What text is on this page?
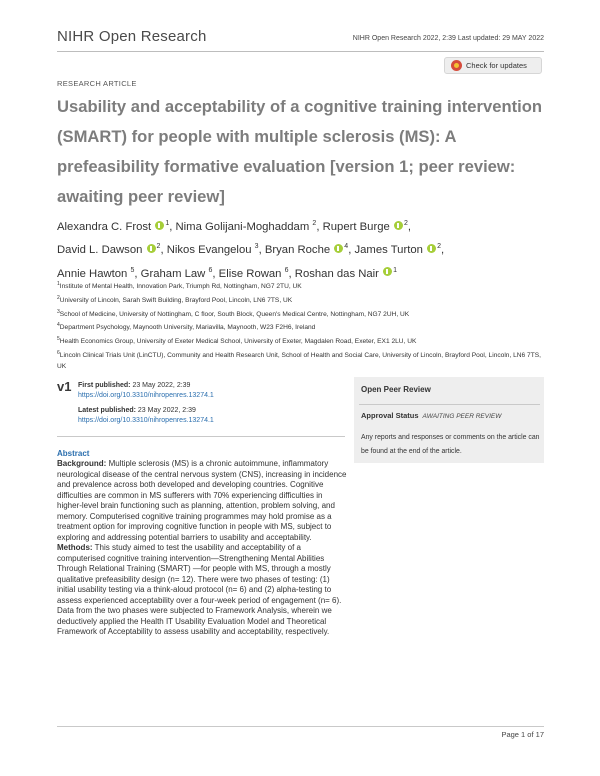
NIHR Open Research	NIHR Open Research 2022, 2:39 Last updated: 29 MAY 2022
Check for updates
RESEARCH ARTICLE
Usability and acceptability of a cognitive training intervention (SMART) for people with multiple sclerosis (MS): A prefeasibility formative evaluation [version 1; peer review: awaiting peer review]
Alexandra C. Frost $^1$, Nima Golijani-Moghaddam $^2$, Rupert Burge $^2$,
David L. Dawson $^2$, Nikos Evangelou $^3$, Bryan Roche $^4$, James Turton $^2$,
Annie Hawton $^5$, Graham Law $^6$, Elise Rowan $^6$, Roshan das Nair $^1$
$^1$Institute of Mental Health, Innovation Park, Triumph Rd, Nottingham, NG7 2TU, UK
$^2$University of Lincoln, Sarah Swift Building, Brayford Pool, Lincoln, LN6 7TS, UK
$^3$School of Medicine, University of Nottingham, C floor, South Block, Queen's Medical Centre, Nottingham, NG7 2UH, UK
$^4$Department Psychology, Maynooth University, Mariavilla, Maynooth, W23 F2H6, Ireland
$^5$Health Economics Group, University of Exeter Medical School, University of Exeter, Magdalen Road, Exeter, EX1 2LU, UK
$^6$Lincoln Clinical Trials Unit (LinCTU), Community and Health Research Unit, School of Health and Social Care, University of Lincoln, Brayford Pool, Lincoln, LN6 7TS, UK
v1 First published: 23 May 2022, 2:39
https://doi.org/10.3310/nihropenres.13274.1
Latest published: 23 May 2022, 2:39
https://doi.org/10.3310/nihropenres.13274.1
Open Peer Review
Approval Status AWAITING PEER REVIEW
Any reports and responses or comments on the article can be found at the end of the article.
Abstract
Background: Multiple sclerosis (MS) is a chronic autoimmune, inflammatory neurological disease of the central nervous system (CNS), increasing in incidence and prevalence across both developed and developing countries. Cognitive difficulties are common in MS sufferers with 70% experiencing difficulties in higher-level brain functioning such as planning, attention, problem solving, and memory. Computerised cognitive training programmes may hold promise as a treatment option for improving cognitive function in people with MS, subject to exploring and addressing potential barriers to usability and acceptability.
Methods: This study aimed to test the usability and acceptability of a computerised cognitive training intervention—Strengthening Mental Abilities Through Relational Training (SMART) —for people with MS, through a mostly qualitative prefeasibility design (n= 12). There were two phases of testing: (1) initial usability testing via a think-aloud protocol (n= 6) and (2) alpha-testing to assess experienced acceptability over a four-week period of engagement (n= 6). Data from the two phases were subjected to Framework Analysis, wherein we deductively applied the Health IT Usability Evaluation Model and Theoretical Framework of Acceptability to assess usability and acceptability, respectively.
Page 1 of 17
